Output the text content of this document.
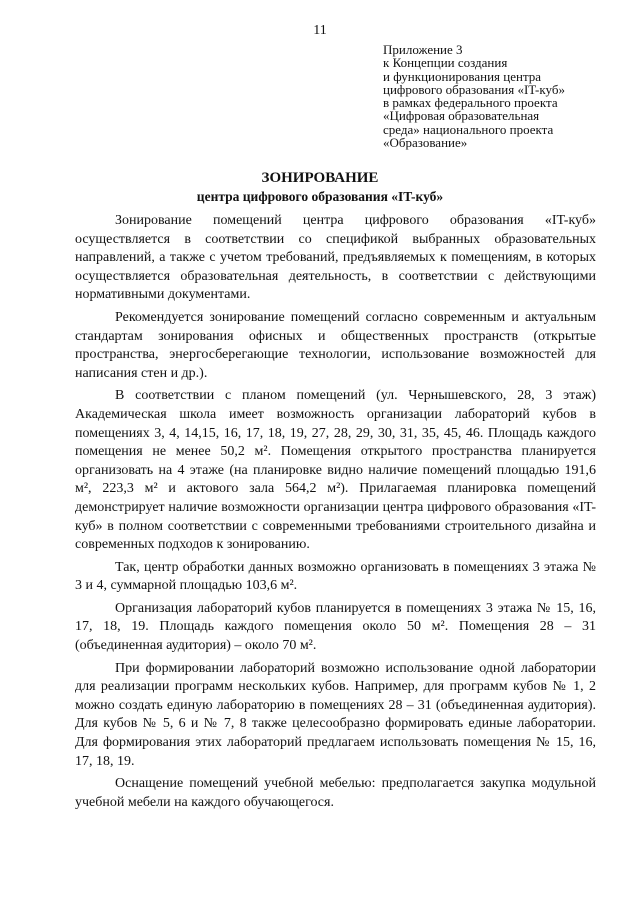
11
Приложение 3
к Концепции создания
и функционирования центра
цифрового образования «IT-куб»
в рамках федерального проекта
«Цифровая образовательная
среда» национального проекта
«Образование»
ЗОНИРОВАНИЕ
центра цифрового образования «IT-куб»

Зонирование помещений центра цифрового образования «IT-куб» осуществляется в соответствии со спецификой выбранных образовательных направлений, а также с учетом требований, предъявляемых к помещениям, в которых осуществляется образовательная деятельность, в соответствии с действующими нормативными документами.

Рекомендуется зонирование помещений согласно современным и актуальным стандартам зонирования офисных и общественных пространств (открытые пространства, энергосберегающие технологии, использование возможностей для написания стен и др.).

В соответствии с планом помещений (ул. Чернышевского, 28, 3 этаж) Академическая школа имеет возможность организации лабораторий кубов в помещениях 3, 4, 14,15, 16, 17, 18, 19, 27, 28, 29, 30, 31, 35, 45, 46. Площадь каждого помещения не менее 50,2 м². Помещения открытого пространства планируется организовать на 4 этаже (на планировке видно наличие помещений площадью 191,6 м², 223,3 м² и актового зала 564,2 м²). Прилагаемая планировка помещений демонстрирует наличие возможности организации центра цифрового образования «IT-куб» в полном соответствии с современными требованиями строительного дизайна и современных подходов к зонированию.

Так, центр обработки данных возможно организовать в помещениях 3 этажа № 3 и 4, суммарной площадью 103,6 м².

Организация лабораторий кубов планируется в помещениях 3 этажа № 15, 16, 17, 18, 19. Площадь каждого помещения около 50 м². Помещения 28 – 31 (объединенная аудитория) – около 70 м².

При формировании лабораторий возможно использование одной лаборатории для реализации программ нескольких кубов. Например, для программ кубов № 1, 2 можно создать единую лабораторию в помещениях 28 – 31 (объединенная аудитория). Для кубов № 5, 6 и № 7, 8 также целесообразно формировать единые лаборатории. Для формирования этих лабораторий предлагаем использовать помещения № 15, 16, 17, 18, 19.

Оснащение помещений учебной мебелью: предполагается закупка модульной учебной мебели на каждого обучающегося.
